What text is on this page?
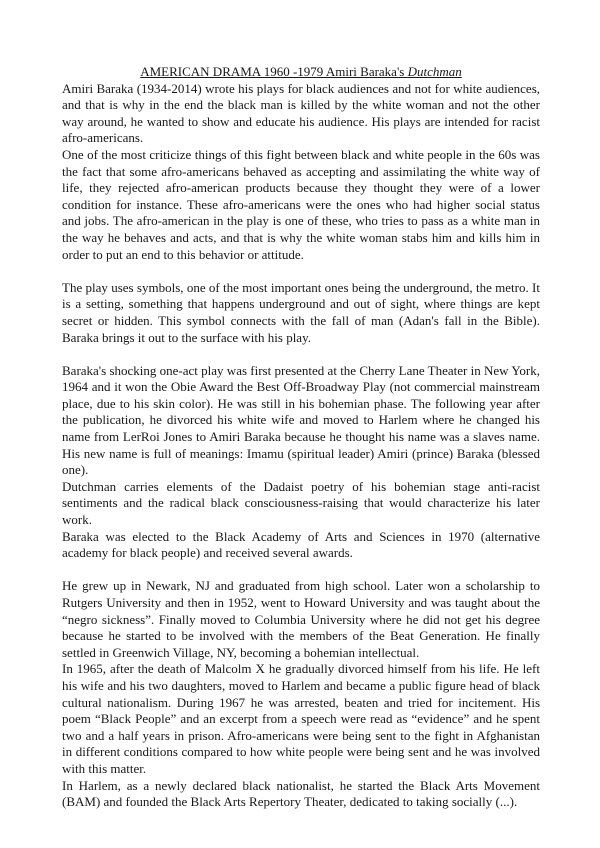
AMERICAN DRAMA 1960 -1979 Amiri Baraka's Dutchman

Amiri Baraka (1934-2014) wrote his plays for black audiences and not for white audiences, and that is why in the end the black man is killed by the white woman and not the other way around, he wanted to show and educate his audience. His plays are intended for racist afro-americans.

One of the most criticize things of this fight between black and white people in the 60s was the fact that some afro-americans behaved as accepting and assimilating the white way of life, they rejected afro-american products because they thought they were of a lower condition for instance. These afro-americans were the ones who had higher social status and jobs. The afro-american in the play is one of these, who tries to pass as a white man in the way he behaves and acts, and that is why the white woman stabs him and kills him in order to put an end to this behavior or attitude.

The play uses symbols, one of the most important ones being the underground, the metro. It is a setting, something that happens underground and out of sight, where things are kept secret or hidden. This symbol connects with the fall of man (Adan's fall in the Bible). Baraka brings it out to the surface with his play.

Baraka's shocking one-act play was first presented at the Cherry Lane Theater in New York, 1964 and it won the Obie Award the Best Off-Broadway Play (not commercial mainstream place, due to his skin color). He was still in his bohemian phase. The following year after the publication, he divorced his white wife and moved to Harlem where he changed his name from LerRoi Jones to Amiri Baraka because he thought his name was a slaves name. His new name is full of meanings: Imamu (spiritual leader) Amiri (prince) Baraka (blessed one).

Dutchman carries elements of the Dadaist poetry of his bohemian stage anti-racist sentiments and the radical black consciousness-raising that would characterize his later work.

Baraka was elected to the Black Academy of Arts and Sciences in 1970 (alternative academy for black people) and received several awards.

He grew up in Newark, NJ and graduated from high school. Later won a scholarship to Rutgers University and then in 1952, went to Howard University and was taught about the “negro sickness”. Finally moved to Columbia University where he did not get his degree because he started to be involved with the members of the Beat Generation. He finally settled in Greenwich Village, NY, becoming a bohemian intellectual.

In 1965, after the death of Malcolm X he gradually divorced himself from his life. He left his wife and his two daughters, moved to Harlem and became a public figure head of black cultural nationalism. During 1967 he was arrested, beaten and tried for incitement. His poem “Black People” and an excerpt from a speech were read as “evidence” and he spent two and a half years in prison. Afro-americans were being sent to the fight in Afghanistan in different conditions compared to how white people were being sent and he was involved with this matter.

In Harlem, as a newly declared black nationalist, he started the Black Arts Movement (BAM) and founded the Black Arts Repertory Theater, dedicated to taking socially (...).
